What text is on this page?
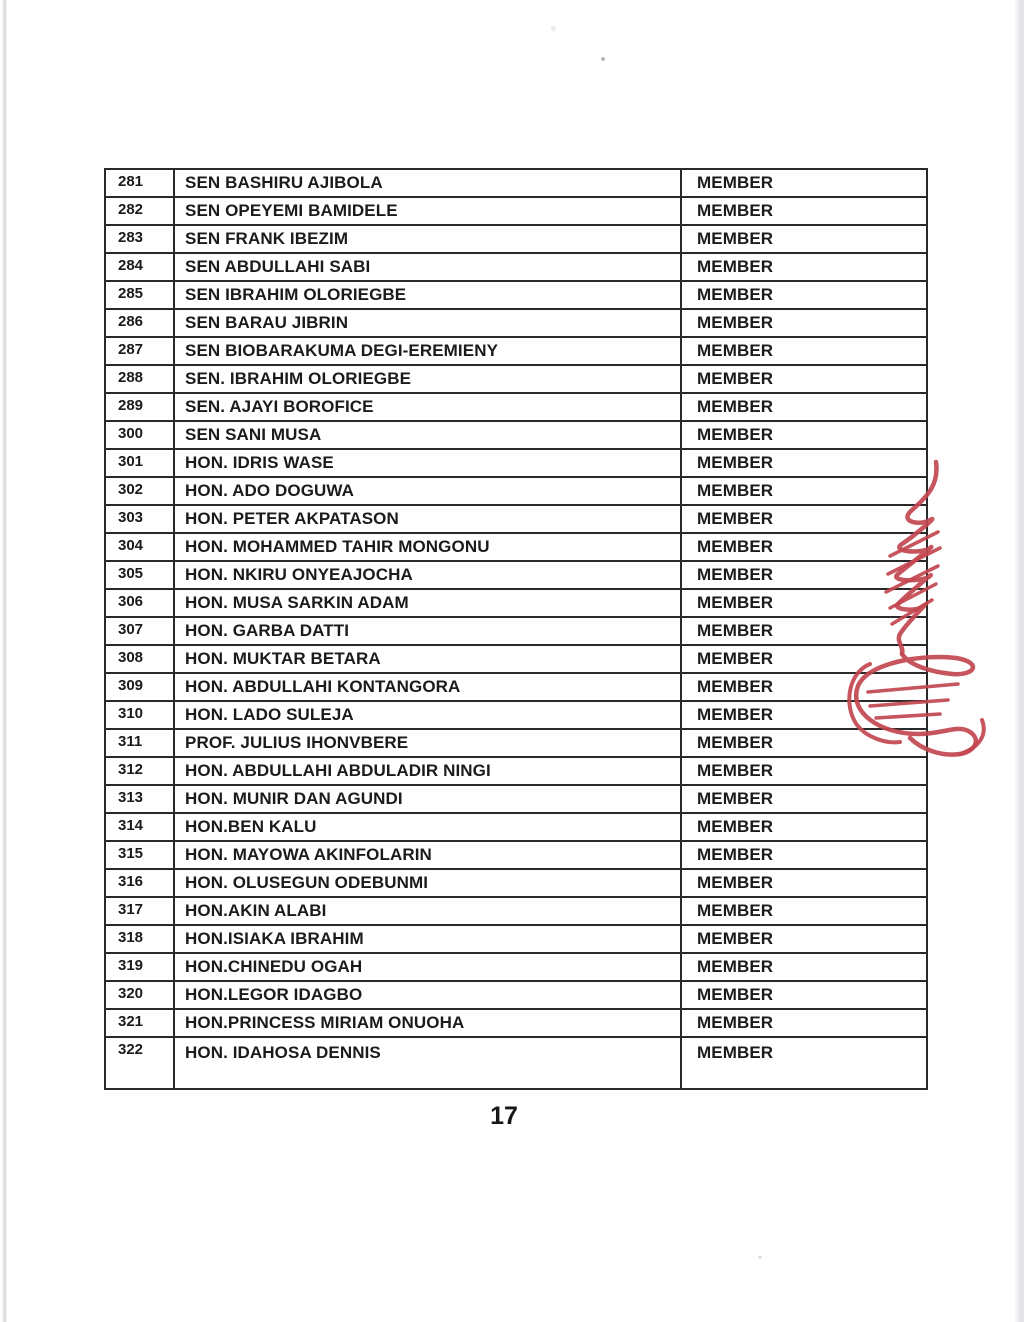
281	SEN BASHIRU AJIBOLA	MEMBER
282	SEN OPEYEMI BAMIDELE	MEMBER
283	SEN FRANK IBEZIM	MEMBER
284	SEN ABDULLAHI SABI	MEMBER
285	SEN IBRAHIM OLORIEGBE	MEMBER
286	SEN BARAU JIBRIN	MEMBER
287	SEN BIOBARAKUMA DEGI-EREMIENY	MEMBER
288	SEN. IBRAHIM OLORIEGBE	MEMBER
289	SEN. AJAYI BOROFICE	MEMBER
300	SEN SANI MUSA	MEMBER
301	HON. IDRIS WASE	MEMBER
302	HON. ADO DOGUWA	MEMBER
303	HON. PETER AKPATASON	MEMBER
304	HON. MOHAMMED TAHIR MONGONU	MEMBER
305	HON. NKIRU ONYEAJOCHA	MEMBER
306	HON. MUSA SARKIN ADAM	MEMBER
307	HON. GARBA DATTI	MEMBER
308	HON. MUKTAR BETARA	MEMBER
309	HON. ABDULLAHI KONTANGORA	MEMBER
310	HON. LADO SULEJA	MEMBER
311	PROF. JULIUS IHONVBERE	MEMBER
312	HON. ABDULLAHI ABDULADIR NINGI	MEMBER
313	HON. MUNIR DAN AGUNDI	MEMBER
314	HON.BEN KALU	MEMBER
315	HON. MAYOWA AKINFOLARIN	MEMBER
316	HON. OLUSEGUN ODEBUNMI	MEMBER
317	HON.AKIN ALABI	MEMBER
318	HON.ISIAKA IBRAHIM	MEMBER
319	HON.CHINEDU OGAH	MEMBER
320	HON.LEGOR IDAGBO	MEMBER
321	HON.PRINCESS MIRIAM ONUOHA	MEMBER
322	HON. IDAHOSA DENNIS	MEMBER
17
